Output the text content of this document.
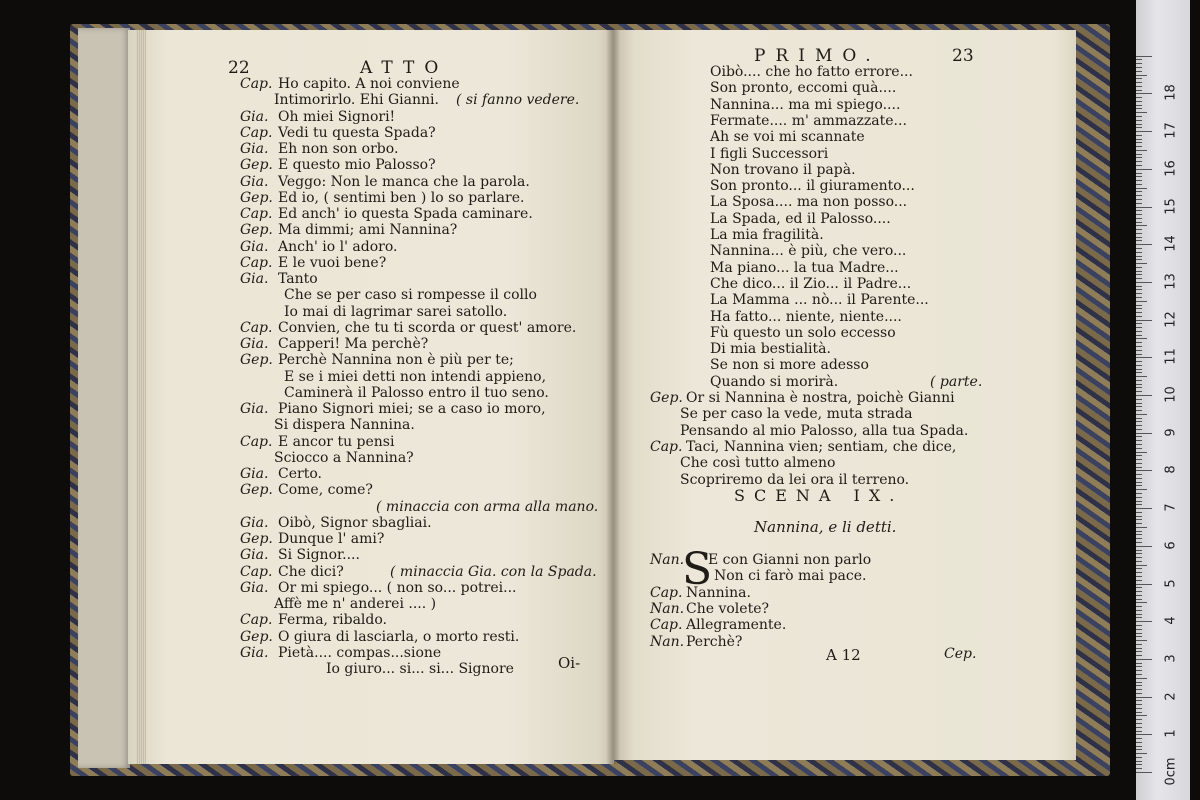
22	ATTO
Cap. Ho capito. A noi conviene
Intimorirlo. Ehi Gianni. ( si fanno vedere.
Gia. Oh miei Signori!
Cap. Vedi tu questa Spada?
Gia. Eh non son orbo.
Gep. E questo mio Palosso?
Gia. Veggo: Non le manca che la parola.
Gep. Ed io, ( sentimi ben ) lo so parlare.
Cap. Ed anch' io questa Spada caminare.
Gep. Ma dimmi; ami Nannina?
Gia. Anch' io l' adoro.
Cap. E le vuoi bene?
Gia. Tanto
Che se per caso si rompesse il collo
Io mai di lagrimar sarei satollo.
Cap. Convien, che tu ti scorda or quest' amore.
Gia. Capperi! Ma perchè?
Gep. Perchè Nannina non è più per te;
E se i miei detti non intendi appieno,
Caminerà il Palosso entro il tuo seno.
Gia. Piano Signori miei; se a caso io moro,
Si dispera Nannina.
Cap. E ancor tu pensi
Sciocco a Nannina?
Gia. Certo.
Gep. Come, come?
( minaccia con arma alla mano.
Gia. Oibò, Signor sbagliai.
Gep. Dunque l' ami?
Gia. Si Signor....
Cap. Che dici?	( minaccia Gia. con la Spada.
Gia. Or mi spiego... ( non so... potrei...
Affè me n' anderei .... )
Cap. Ferma, ribaldo.
Gep. O giura di lasciarla, o morto resti.
Gia. Pietà.... compas...sione
Io giuro... si... si... Signore	Oi-
PRIMO.	23
Oibò.... che ho fatto errore...
Son pronto, eccomi quà....
Nannina... ma mi spiego....
Fermate.... m' ammazzate...
Ah se voi mi scannate
I figli Successori
Non trovano il papà.
Son pronto... il giuramento...
La Sposa.... ma non posso...
La Spada, ed il Palosso....
La mia fragilità.
Nannina... è più, che vero...
Ma piano... la tua Madre...
Che dico... il Zio... il Padre...
La Mamma ... nò... il Parente...
Ha fatto... niente, niente....
Fù questo un solo eccesso
Di mia bestialità.
Se non si more adesso
Quando si morirà.	( parte.
Gep. Or si Nannina è nostra, poichè Gianni
Se per caso la vede, muta strada
Pensando al mio Palosso, alla tua Spada.
Cap. Taci, Nannina vien; sentiam, che dice,
Che così tutto almeno
Scopriremo da lei ora il terreno.
SCENA IX.
Nannina, e li detti.
Nan.
S
E con Gianni non parlo
Non ci farò mai pace.
Cap. Nannina.
Nan. Che volete?
Cap. Allegramente.
Nan. Perchè?
A 12	Cep.
0cm
1
2
3
4
5
6
7
8
9
10
11
12
13
14
15
16
17
18
